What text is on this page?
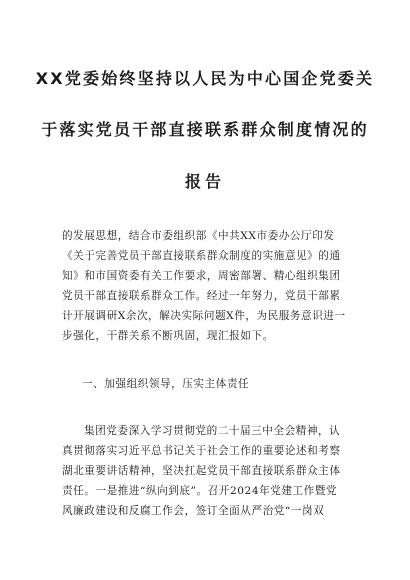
XX党委始终坚持以人民为中心国企党委关
于落实党员干部直接联系群众制度情况的
报告
的发展思想，结合市委组织部《中共XX市委办公厅印发
《关于完善党员干部直接联系群众制度的实施意见》的通
知》和市国资委有关工作要求，周密部署、精心组织集团
党员干部直接联系群众工作。经过一年努力，党员干部累
计开展调研X余次，解决实际问题X件，为民服务意识进一
步强化，干群关系不断巩固，现汇报如下。
一、加强组织领导，压实主体责任
集团党委深入学习贯彻党的二十届三中全会精神，认
真贯彻落实习近平总书记关于社会工作的重要论述和考察
湖北重要讲话精神，坚决扛起党员干部直接联系群众主体
责任。一是推进“纵向到底”。召开2024年党建工作暨党
风廉政建设和反腐工作会，签订全面从严治党“一岗双
